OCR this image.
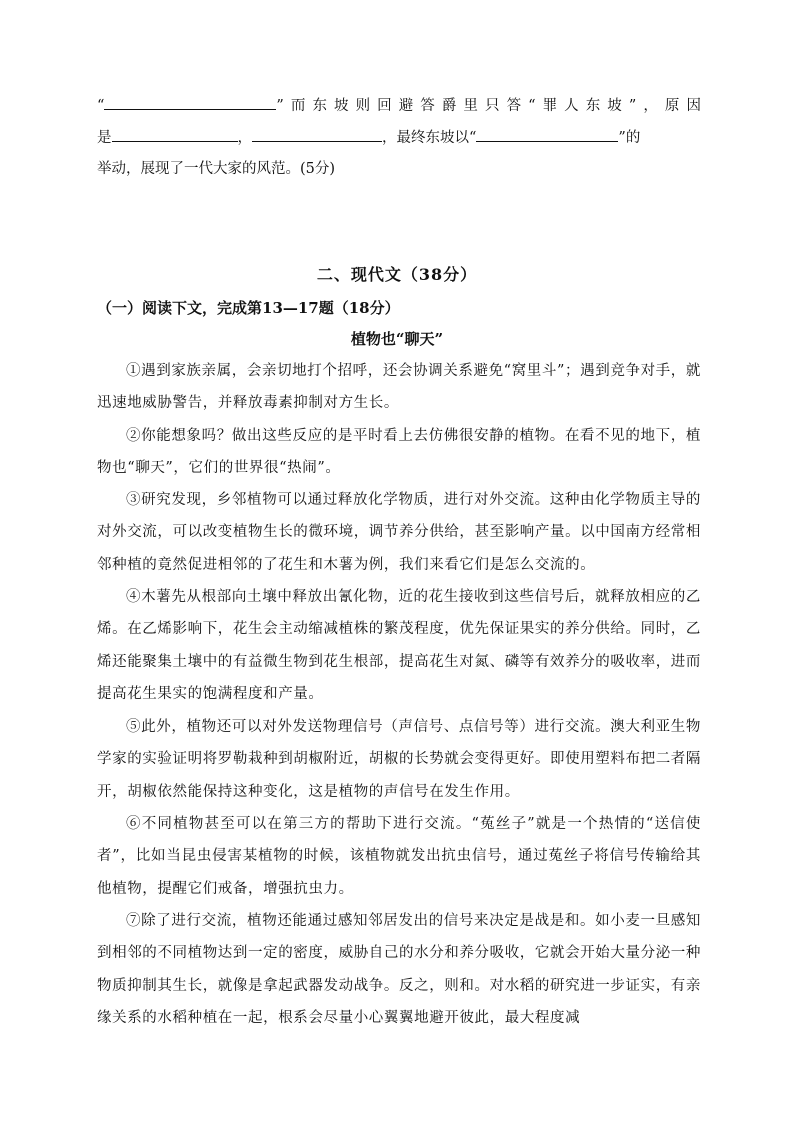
“	”而东坡则回避答爵里只答“罪人东坡”，原因
是	，	，最终东坡以“	”的
举动，展现了一代大家的风范。(5分)
二、现代文（38分）
（一）阅读下文，完成第13—17题（18分）
植物也“聊天”
①遇到家族亲属，会亲切地打个招呼，还会协调关系避免“窝里斗”；遇到竞争对手，就迅速地威胁警告，并释放毒素抑制对方生长。
②你能想象吗？做出这些反应的是平时看上去仿佛很安静的植物。在看不见的地下，植物也“聊天”，它们的世界很“热闹”。
③研究发现，乡邻植物可以通过释放化学物质，进行对外交流。这种由化学物质主导的对外交流，可以改变植物生长的微环境，调节养分供给，甚至影响产量。以中国南方经常相邻种植的竟然促进相邻的了花生和木薯为例，我们来看它们是怎么交流的。
④木薯先从根部向土壤中释放出氰化物，近的花生接收到这些信号后，就释放相应的乙烯。在乙烯影响下，花生会主动缩减植株的繁茂程度，优先保证果实的养分供给。同时，乙烯还能聚集土壤中的有益微生物到花生根部，提高花生对氮、磷等有效养分的吸收率，进而提高花生果实的饱满程度和产量。
⑤此外，植物还可以对外发送物理信号（声信号、点信号等）进行交流。澳大利亚生物学家的实验证明将罗勒栽种到胡椒附近，胡椒的长势就会变得更好。即使用塑料布把二者隔开，胡椒依然能保持这种变化，这是植物的声信号在发生作用。
⑥不同植物甚至可以在第三方的帮助下进行交流。“菟丝子”就是一个热情的“送信使者”，比如当昆虫侵害某植物的时候，该植物就发出抗虫信号，通过菟丝子将信号传输给其他植物，提醒它们戒备，增强抗虫力。
⑦除了进行交流，植物还能通过感知邻居发出的信号来决定是战是和。如小麦一旦感知到相邻的不同植物达到一定的密度，威胁自己的水分和养分吸收，它就会开始大量分泌一种物质抑制其生长，就像是拿起武器发动战争。反之，则和。对水稻的研究进一步证实，有亲缘关系的水稻种植在一起，根系会尽量小心翼翼地避开彼此，最大程度减
